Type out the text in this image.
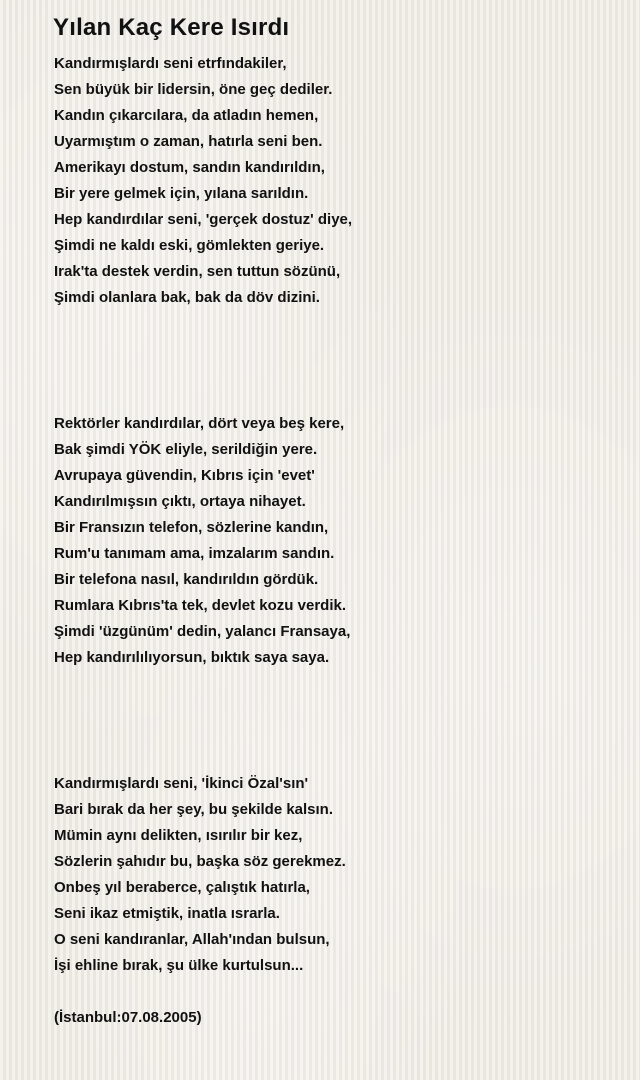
Yılan Kaç Kere Isırdı
Kandırmışlardı seni etrfındakiler,
Sen büyük bir lidersin, öne geç dediler.
Kandın çıkarcılara, da atladın hemen,
Uyarmıştım o zaman, hatırla seni ben.
Amerikayı dostum, sandın kandırıldın,
Bir yere gelmek için, yılana sarıldın.
Hep kandırdılar seni, 'gerçek dostuz' diye,
Şimdi ne kaldı eski, gömlekten geriye.
Irak'ta destek verdin, sen tuttun sözünü,
Şimdi olanlara bak, bak da döv dizini.
Rektörler kandırdılar, dört veya beş kere,
Bak şimdi YÖK eliyle, serildiğin yere.
Avrupaya güvendin, Kıbrıs için 'evet'
Kandırılmışsın çıktı, ortaya nihayet.
Bir Fransızın telefon, sözlerine kandın,
Rum'u tanımam ama, imzalarım sandın.
Bir telefona nasıl, kandırıldın gördük.
Rumlara Kıbrıs'ta tek, devlet kozu verdik.
Şimdi 'üzgünüm' dedin, yalancı Fransaya,
Hep kandırılılıyorsun, bıktık saya saya.
Kandırmışlardı seni, 'İkinci Özal'sın'
Bari bırak da her şey, bu şekilde kalsın.
Mümin aynı delikten, ısırılır bir kez,
Sözlerin şahıdır bu, başka söz gerekmez.
Onbeş yıl beraberce, çalıştık hatırla,
Seni ikaz etmiştik, inatla ısrarla.
O seni kandıranlar, Allah'ından bulsun,
İşi ehline bırak, şu ülke kurtulsun...

(İstanbul:07.08.2005)
